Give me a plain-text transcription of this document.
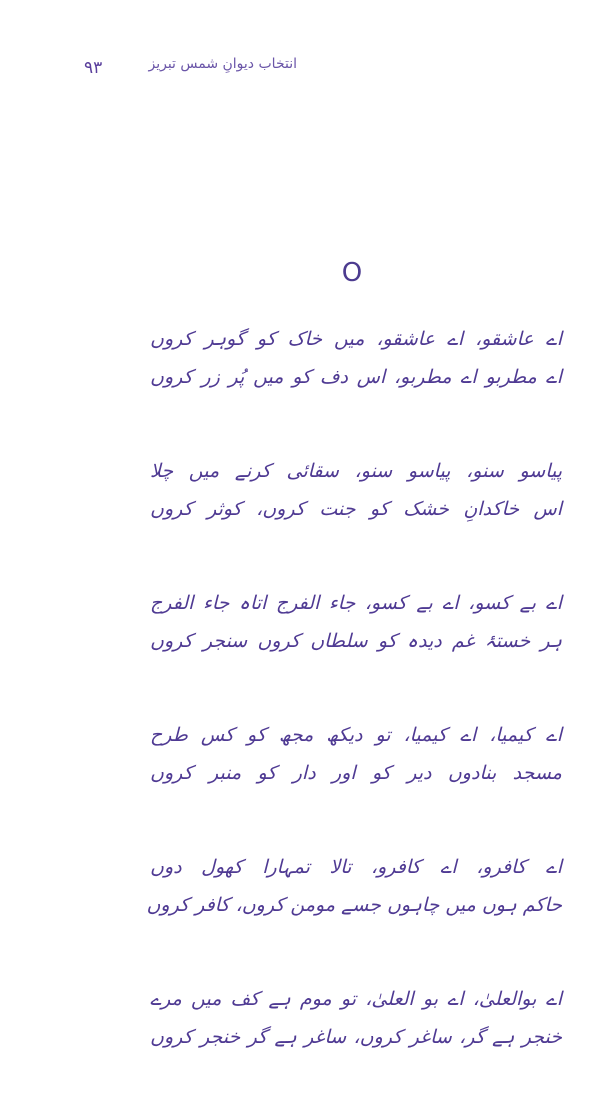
۹۳	انتخاب دیوانِ شمس تبریز
O
اے عاشقو، اے عاشقو، میں خاک کو گوہر کروں
اے مطربو اے مطربو، اس دف کو میں پُر زر کروں
پیاسو سنو، پیاسو سنو، سقائی کرنے میں چلا
اس خاکدانِ خشک کو جنت کروں، کوثر کروں
اے بے کسو، اے بے کسو، جاء الفرج اتاہ جاء الفرج
ہر خستۂ غم دیدہ کو سلطاں کروں سنجر کروں
اے کیمیا، اے کیمیا، تو دیکھ مجھ کو کس طرح
مسجد بنادوں دیر کو اور دار کو منبر کروں
اے کافرو، اے کافرو، تالا تمہارا کھول دوں
حاکم ہوں میں چاہوں جسے مومن کروں، کافر کروں
اے بوالعلیٰ، اے بو العلیٰ، تو موم ہے کف میں مرے
خنجر ہے گر، ساغر کروں، ساغر ہے گر خنجر کروں
